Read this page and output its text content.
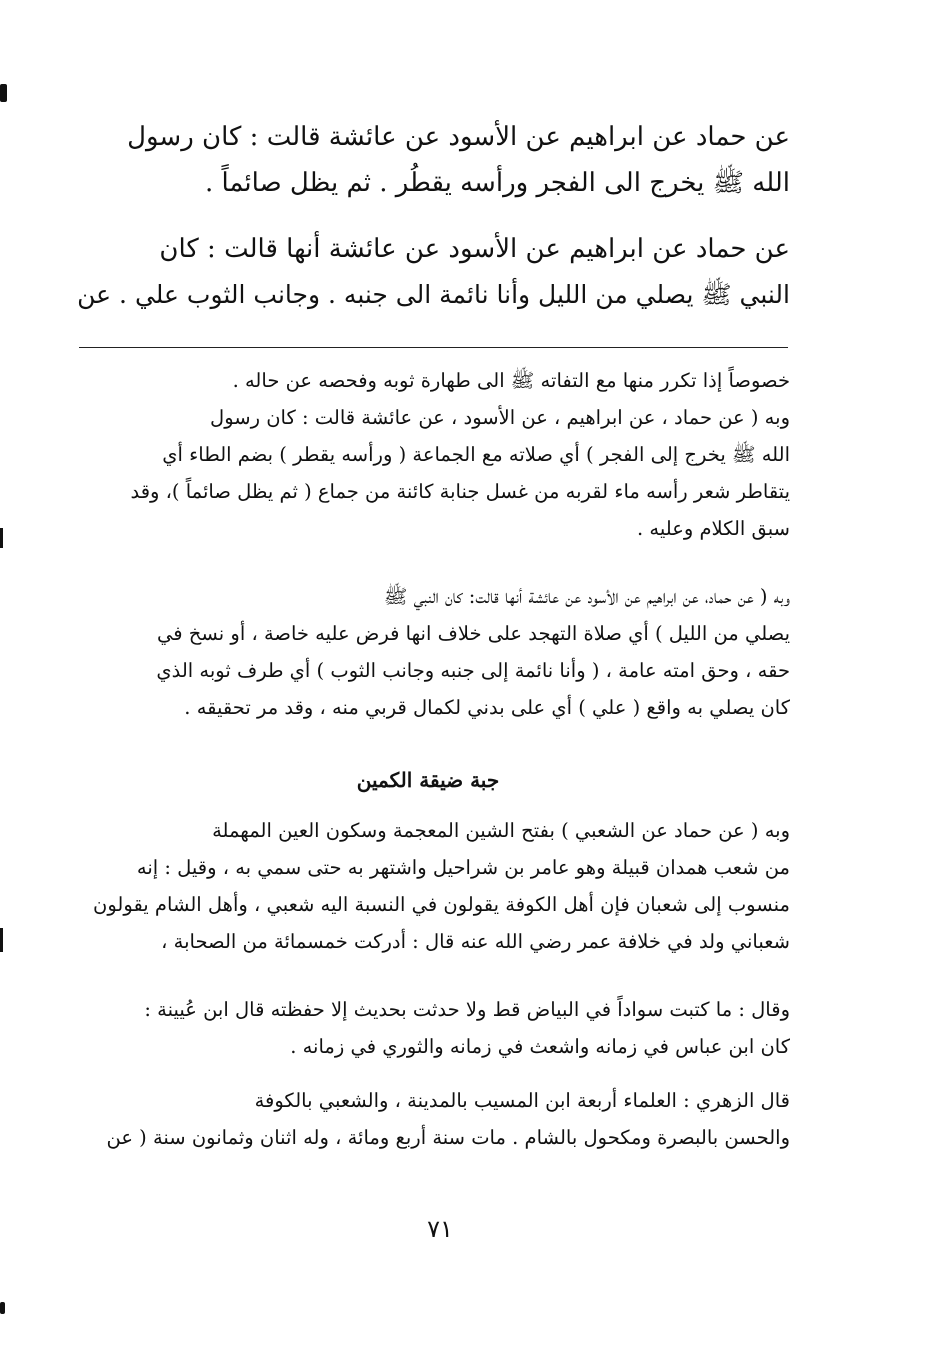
عن حماد عن ابراهيم عن الأسود عن عائشة قالت : كان رسول
الله ﷺ يخرج الى الفجر ورأسه يقطُر . ثم يظل صائماً .
عن حماد عن ابراهيم عن الأسود عن عائشة أنها قالت : كان
النبي ﷺ يصلي من الليل وأنا نائمة الى جنبه . وجانب الثوب علي . عن
خصوصاً إذا تكرر منها مع التفاته ﷺ الى طهارة ثوبه وفحصه عن حاله .
وبه ( عن حماد ، عن ابراهيم ، عن الأسود ، عن عائشة قالت : كان رسول
الله ﷺ يخرج إلى الفجر ) أي صلاته مع الجماعة ( ورأسه يقطر ) بضم الطاء أي
يتقاطر شعر رأسه ماء لقربه من غسل جنابة كائنة من جماع ( ثم يظل صائماً )، وقد
سبق الكلام وعليه .
وبه ( عن حماد، عن ابراهيم عن الأسود عن عائشة أنها قالت: كان النبي ﷺ
يصلي من الليل ) أي صلاة التهجد على خلاف انها فرض عليه خاصة ، أو نسخ في
حقه ، وحق امته عامة ، ( وأنا نائمة إلى جنبه وجانب الثوب ) أي طرف ثوبه الذي
كان يصلي به واقع ( علي ) أي على بدني لكمال قربي منه ، وقد مر تحقيقه .
جبة ضيقة الكمين
وبه ( عن حماد عن الشعبي ) بفتح الشين المعجمة وسكون العين المهملة
من شعب همدان قبيلة وهو عامر بن شراحيل واشتهر به حتى سمي به ، وقيل : إنه
منسوب إلى شعبان فإن أهل الكوفة يقولون في النسبة اليه شعبي ، وأهل الشام يقولون
شعباني ولد في خلافة عمر رضي الله عنه قال : أدركت خمسمائة من الصحابة ،
وقال : ما كتبت سواداً في البياض قط ولا حدثت بحديث إلا حفظته قال ابن عُيينة :
كان ابن عباس في زمانه واشعث في زمانه والثوري في زمانه .
قال الزهري : العلماء أربعة ابن المسيب بالمدينة ، والشعبي بالكوفة
والحسن بالبصرة ومكحول بالشام . مات سنة أربع ومائة ، وله اثنان وثمانون سنة ( عن
٧١
